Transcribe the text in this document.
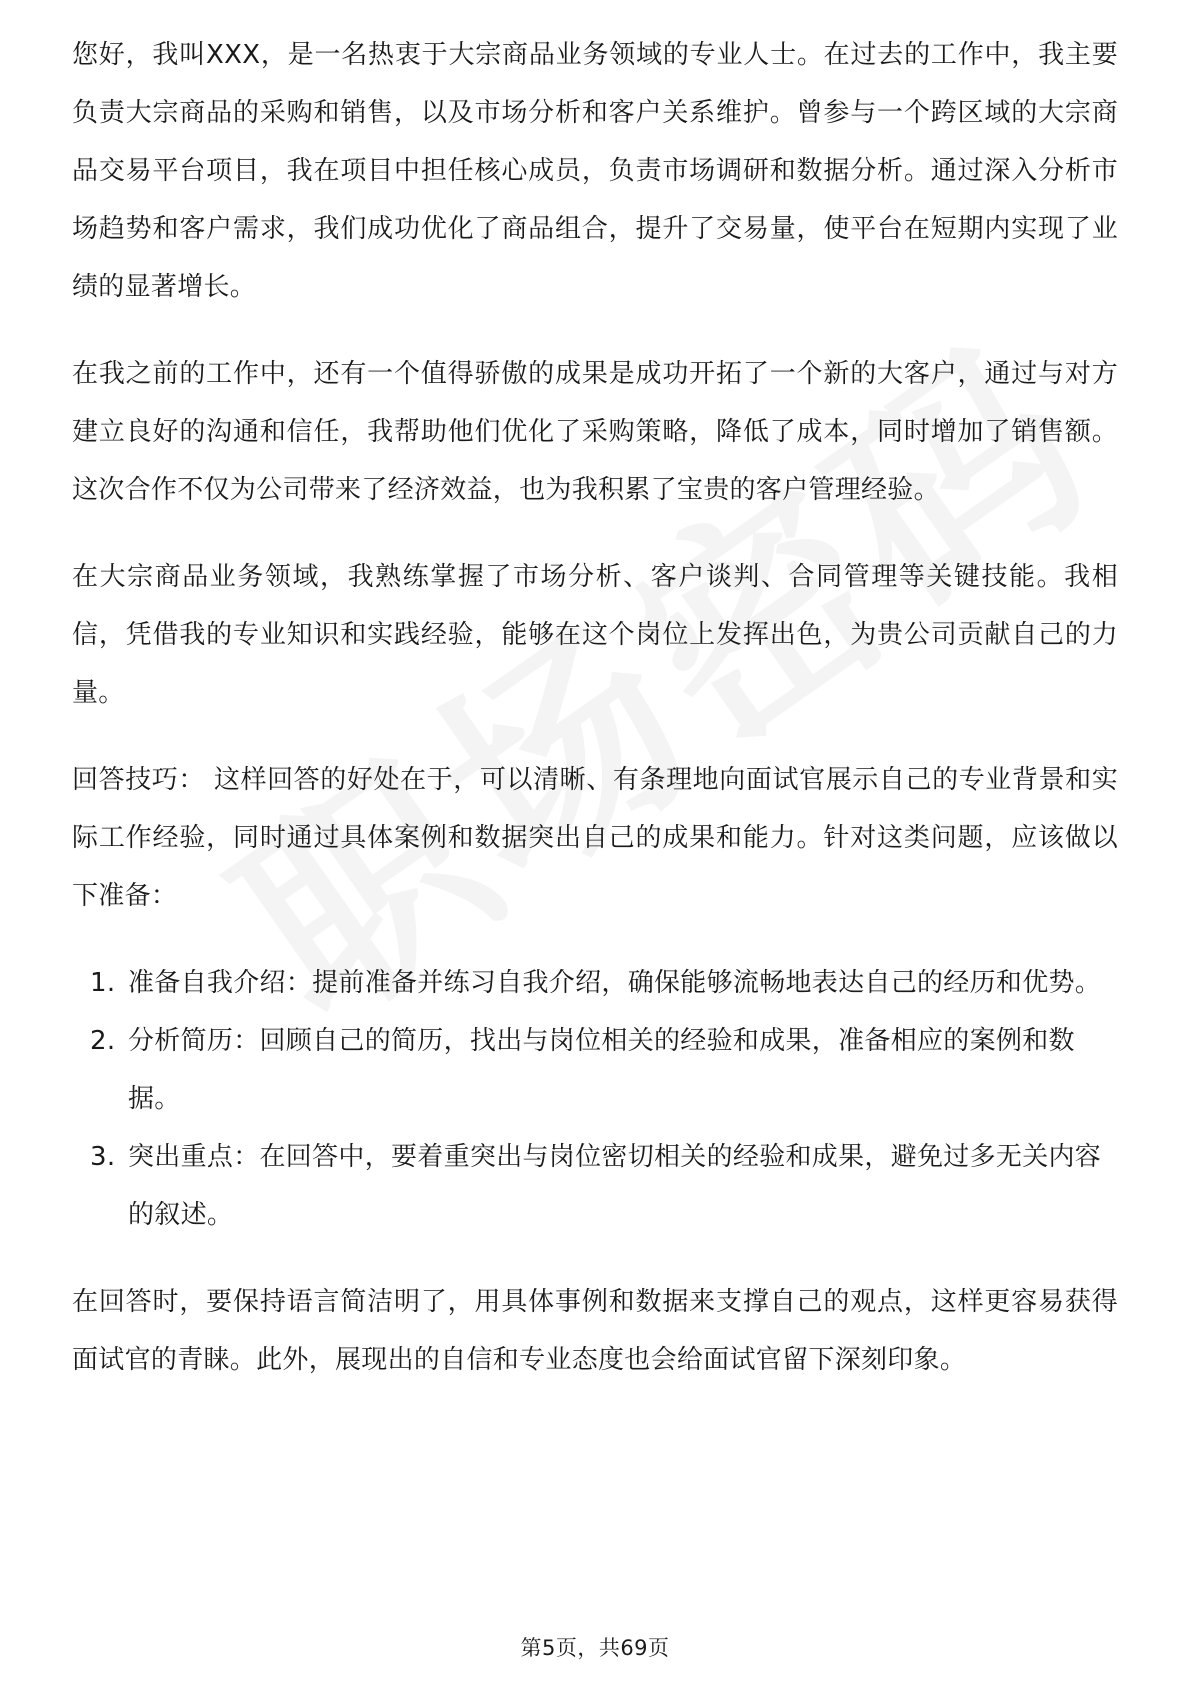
您好，我叫XXX，是一名热衷于大宗商品业务领域的专业人士。在过去的工作中，我主要负责大宗商品的采购和销售，以及市场分析和客户关系维护。曾参与一个跨区域的大宗商品交易平台项目，我在项目中担任核心成员，负责市场调研和数据分析。通过深入分析市场趋势和客户需求，我们成功优化了商品组合，提升了交易量，使平台在短期内实现了业绩的显著增长。

在我之前的工作中，还有一个值得骄傲的成果是成功开拓了一个新的大客户，通过与对方建立良好的沟通和信任，我帮助他们优化了采购策略，降低了成本，同时增加了销售额。这次合作不仅为公司带来了经济效益，也为我积累了宝贵的客户管理经验。

在大宗商品业务领域，我熟练掌握了市场分析、客户谈判、合同管理等关键技能。我相信，凭借我的专业知识和实践经验，能够在这个岗位上发挥出色，为贵公司贡献自己的力量。

回答技巧： 这样回答的好处在于，可以清晰、有条理地向面试官展示自己的专业背景和实际工作经验，同时通过具体案例和数据突出自己的成果和能力。针对这类问题，应该做以下准备：

1. 准备自我介绍：提前准备并练习自我介绍，确保能够流畅地表达自己的经历和优势。
2. 分析简历：回顾自己的简历，找出与岗位相关的经验和成果，准备相应的案例和数据。
3. 突出重点：在回答中，要着重突出与岗位密切相关的经验和成果，避免过多无关内容的叙述。

在回答时，要保持语言简洁明了，用具体事例和数据来支撑自己的观点，这样更容易获得面试官的青睐。此外，展现出的自信和专业态度也会给面试官留下深刻印象。

第5页，共69页
